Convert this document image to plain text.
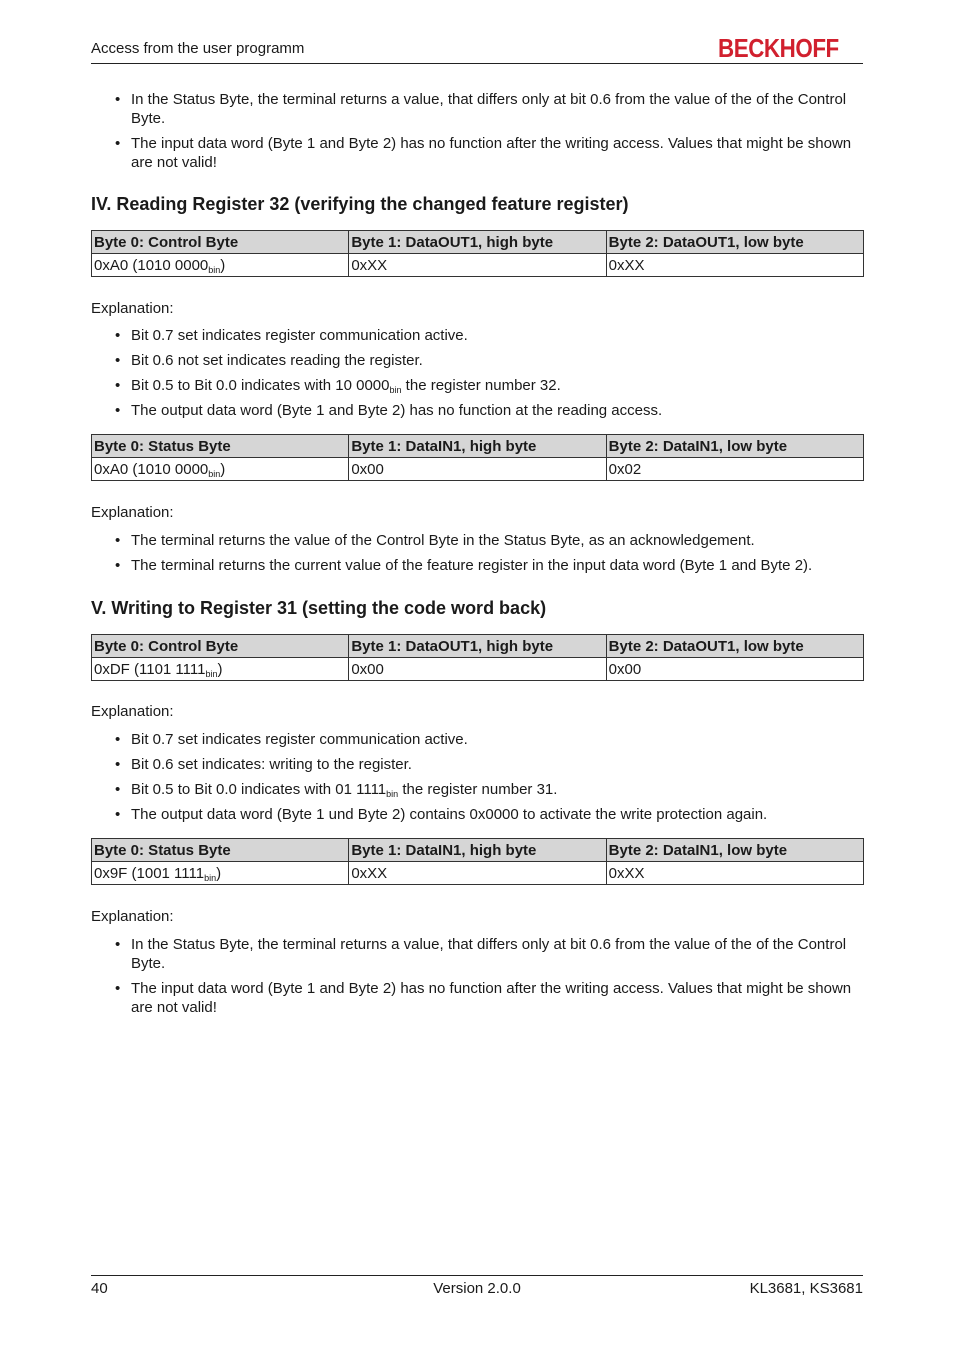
Access from the user programm	BECKHOFF
• In the Status Byte, the terminal returns a value, that differs only at bit 0.6 from the value of the of the Control Byte.
• The input data word (Byte 1 and Byte 2) has no function after the writing access. Values that might be shown are not valid!
IV. Reading Register 32 (verifying the changed feature register)
Byte 0: Control Byte	Byte 1: DataOUT1, high byte	Byte 2: DataOUT1, low byte
0xA0 (1010 $0000_{bin}$)	0xXX	0xXX
Explanation:
• Bit 0.7 set indicates register communication active.
• Bit 0.6 not set indicates reading the register.
• Bit 0.5 to Bit 0.0 indicates with 10 $0000_{bin}$ the register number 32.
• The output data word (Byte 1 and Byte 2) has no function at the reading access.
Byte 0: Status Byte	Byte 1: DataIN1, high byte	Byte 2: DataIN1, low byte
0xA0 (1010 $0000_{bin}$)	0x00	0x02
Explanation:
• The terminal returns the value of the Control Byte in the Status Byte, as an acknowledgement.
• The terminal returns the current value of the feature register in the input data word (Byte 1 and Byte 2).
V. Writing to Register 31 (setting the code word back)
Byte 0: Control Byte	Byte 1: DataOUT1, high byte	Byte 2: DataOUT1, low byte
0xDF (1101 $1111_{bin}$)	0x00	0x00
Explanation:
• Bit 0.7 set indicates register communication active.
• Bit 0.6 set indicates: writing to the register.
• Bit 0.5 to Bit 0.0 indicates with 01 $1111_{bin}$ the register number 31.
• The output data word (Byte 1 und Byte 2) contains 0x0000 to activate the write protection again.
Byte 0: Status Byte	Byte 1: DataIN1, high byte	Byte 2: DataIN1, low byte
0x9F (1001 $1111_{bin}$)	0xXX	0xXX
Explanation:
• In the Status Byte, the terminal returns a value, that differs only at bit 0.6 from the value of the of the Control Byte.
• The input data word (Byte 1 and Byte 2) has no function after the writing access. Values that might be shown are not valid!
40	Version 2.0.0	KL3681, KS3681
